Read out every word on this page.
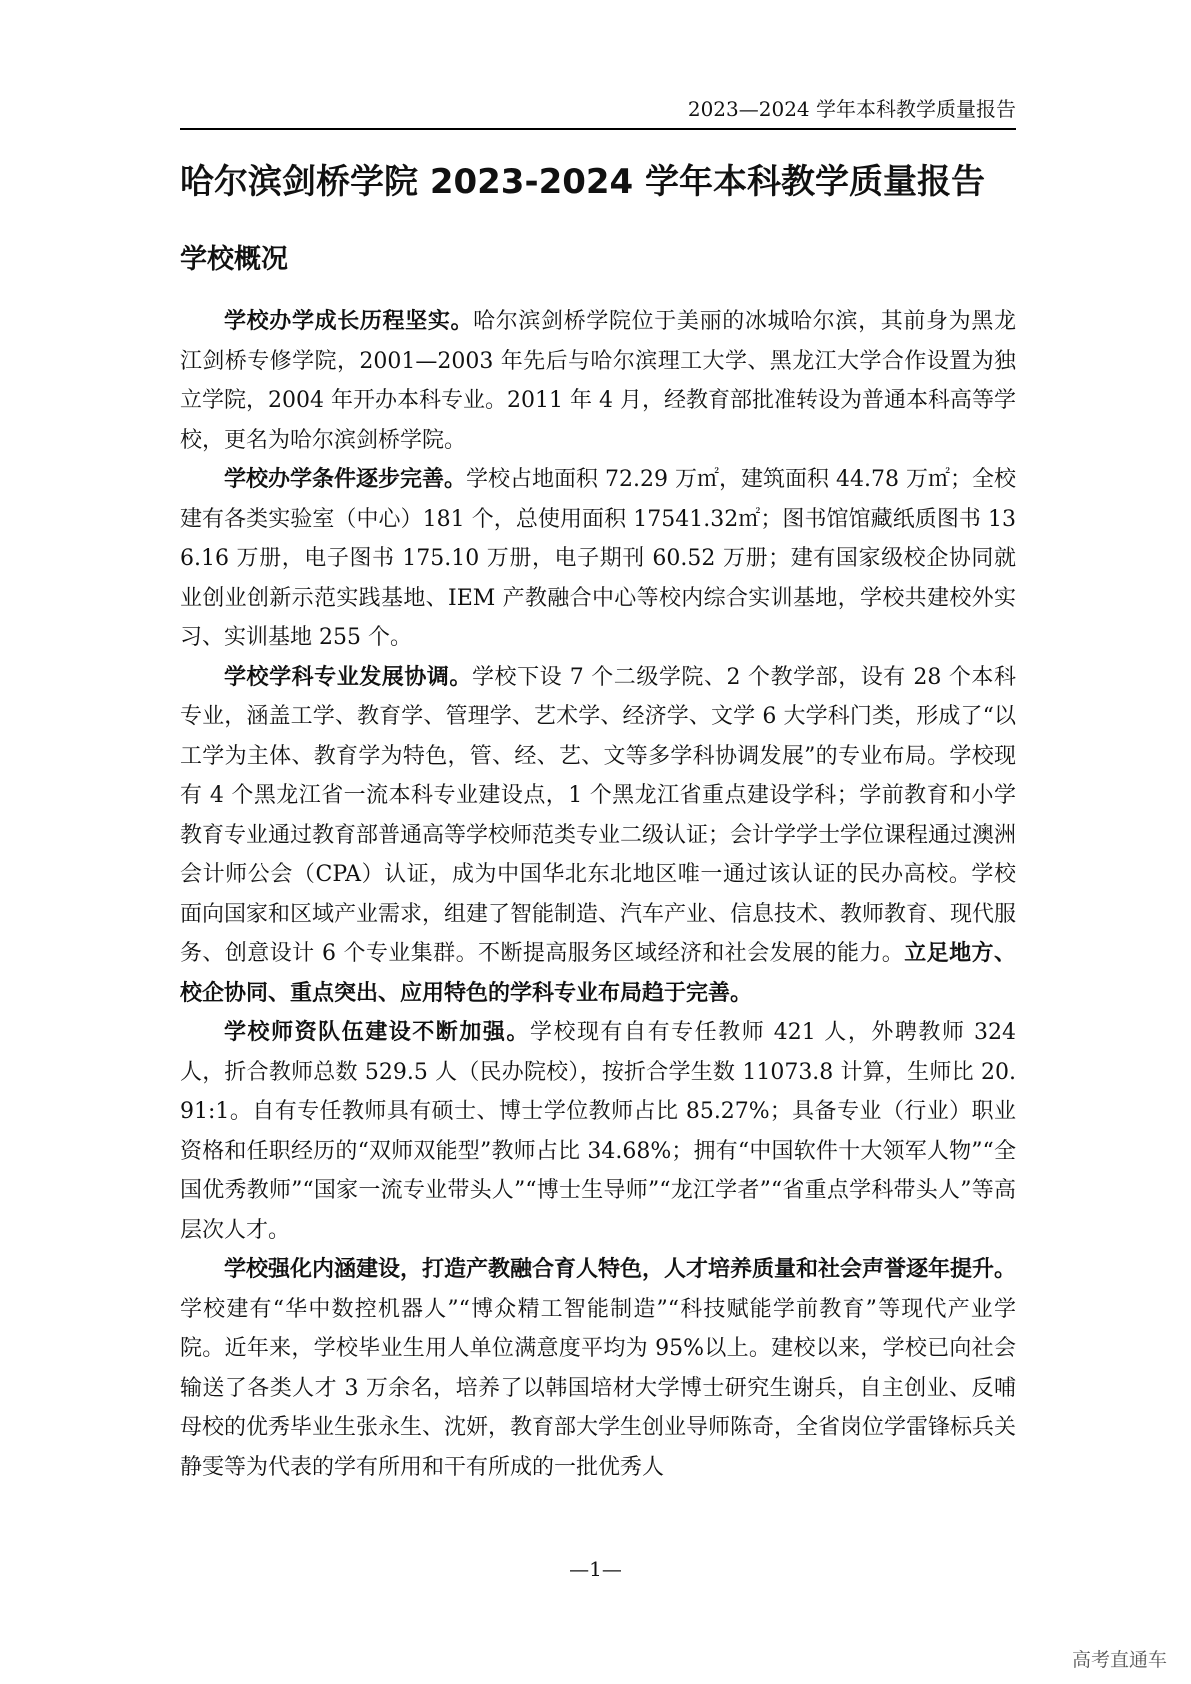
2023—2024 学年本科教学质量报告
哈尔滨剑桥学院 2023-2024 学年本科教学质量报告
学校概况

学校办学成长历程坚实。哈尔滨剑桥学院位于美丽的冰城哈尔滨，其前身为黑龙江剑桥专修学院，2001—2003 年先后与哈尔滨理工大学、黑龙江大学合作设置为独立学院，2004 年开办本科专业。2011 年 4 月，经教育部批准转设为普通本科高等学校，更名为哈尔滨剑桥学院。

学校办学条件逐步完善。学校占地面积 72.29 万㎡，建筑面积 44.78 万㎡；全校建有各类实验室（中心）181 个，总使用面积 17541.32㎡；图书馆馆藏纸质图书 136.16 万册，电子图书 175.10 万册，电子期刊 60.52 万册；建有国家级校企协同就业创业创新示范实践基地、IEM 产教融合中心等校内综合实训基地，学校共建校外实习、实训基地 255 个。

学校学科专业发展协调。学校下设 7 个二级学院、2 个教学部，设有 28 个本科专业，涵盖工学、教育学、管理学、艺术学、经济学、文学 6 大学科门类，形成了“以工学为主体、教育学为特色，管、经、艺、文等多学科协调发展”的专业布局。学校现有 4 个黑龙江省一流本科专业建设点，1 个黑龙江省重点建设学科；学前教育和小学教育专业通过教育部普通高等学校师范类专业二级认证；会计学学士学位课程通过澳洲会计师公会（CPA）认证，成为中国华北东北地区唯一通过该认证的民办高校。学校面向国家和区域产业需求，组建了智能制造、汽车产业、信息技术、教师教育、现代服务、创意设计 6 个专业集群。不断提高服务区域经济和社会发展的能力。立足地方、校企协同、重点突出、应用特色的学科专业布局趋于完善。

学校师资队伍建设不断加强。学校现有自有专任教师 421 人，外聘教师 324 人，折合教师总数 529.5 人（民办院校），按折合学生数 11073.8 计算，生师比 20.91:1。自有专任教师具有硕士、博士学位教师占比 85.27%；具备专业（行业）职业资格和任职经历的“双师双能型”教师占比 34.68%；拥有“中国软件十大领军人物”“全国优秀教师”“国家一流专业带头人”“博士生导师”“龙江学者”“省重点学科带头人”等高层次人才。

学校强化内涵建设，打造产教融合育人特色，人才培养质量和社会声誉逐年提升。学校建有“华中数控机器人”“博众精工智能制造”“科技赋能学前教育”等现代产业学院。近年来，学校毕业生用人单位满意度平均为 95%以上。建校以来，学校已向社会输送了各类人才 3 万余名，培养了以韩国培材大学博士研究生谢兵，自主创业、反哺母校的优秀毕业生张永生、沈妍，教育部大学生创业导师陈奇，全省岗位学雷锋标兵关静雯等为代表的学有所用和干有所成的一批优秀人

—1—
高考直通车
